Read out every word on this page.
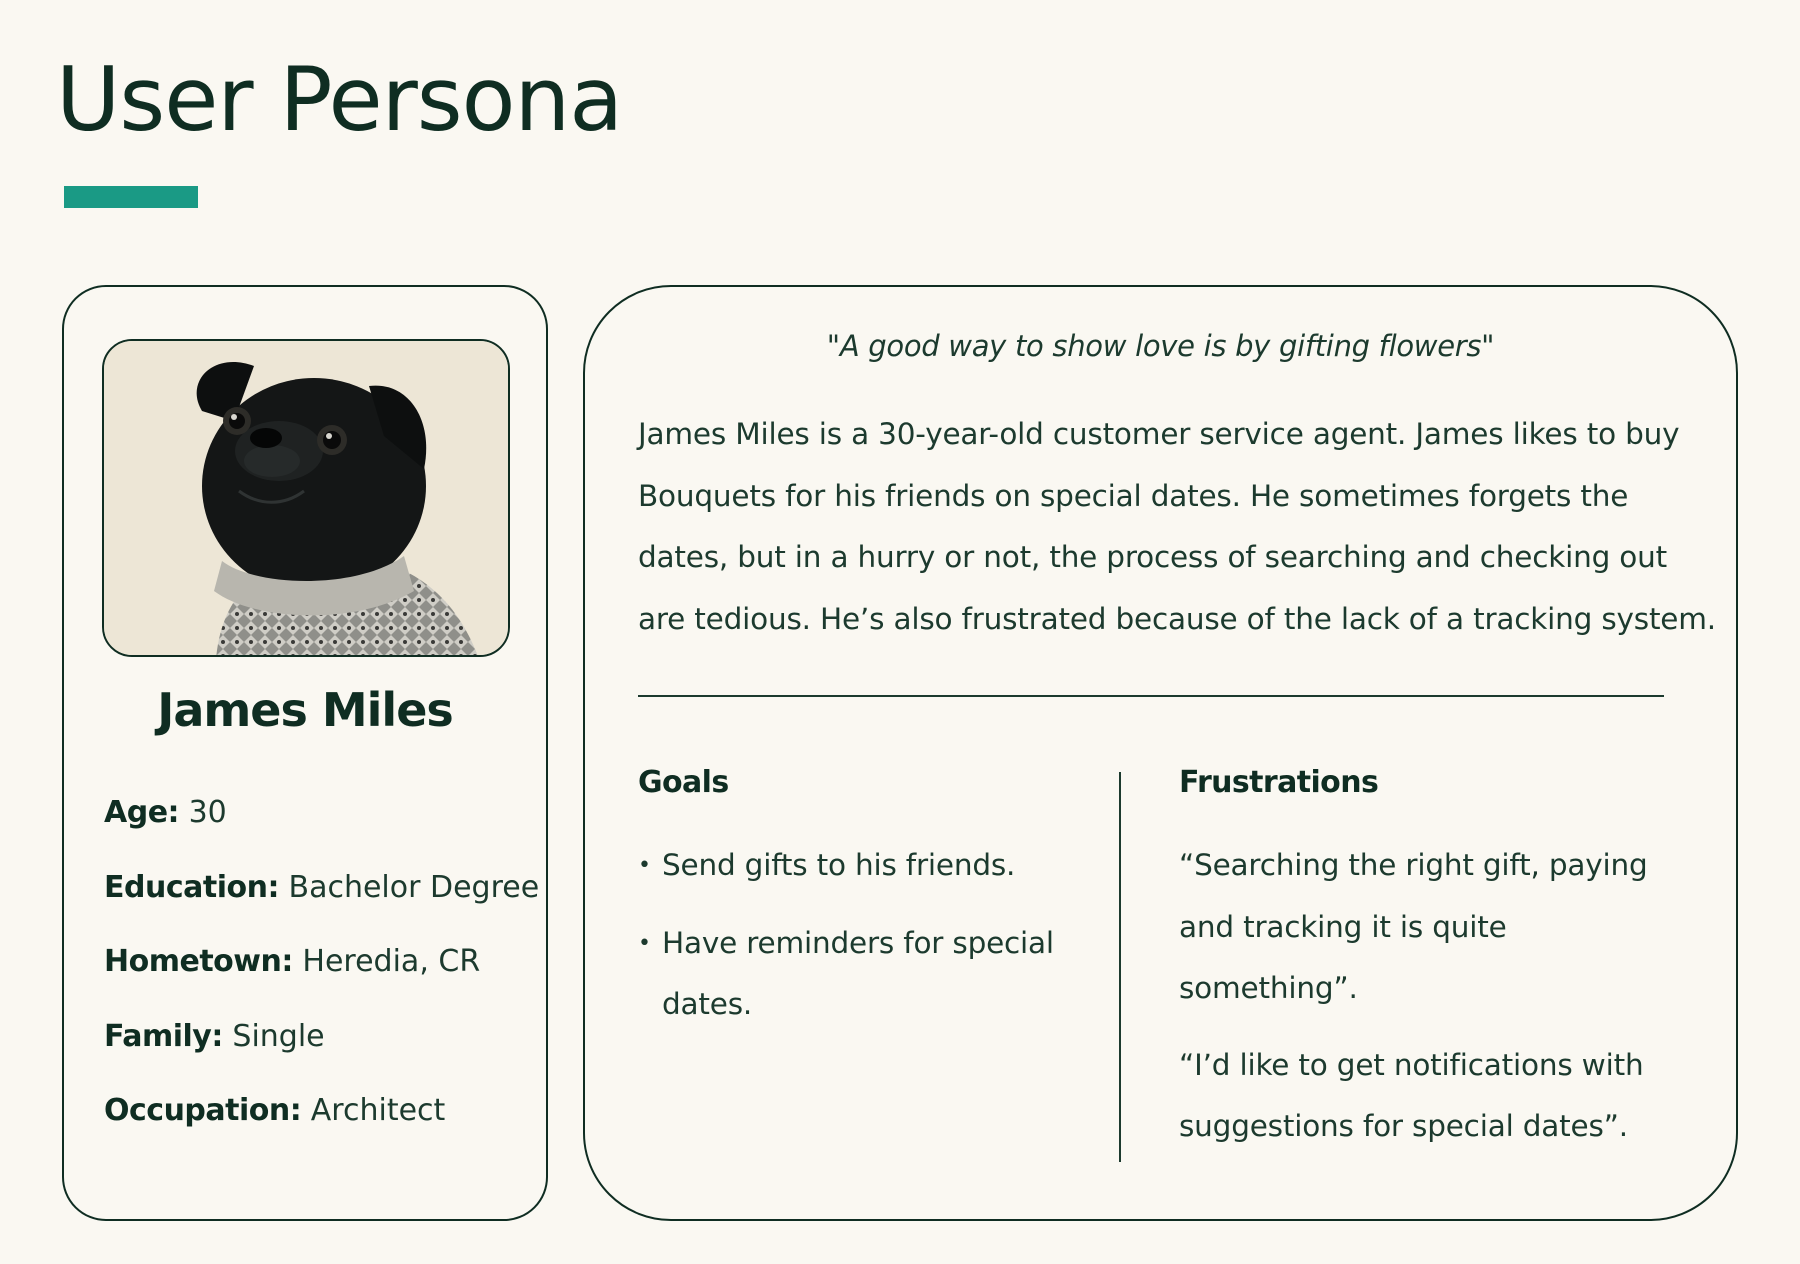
User Persona
James Miles
Age: 30
Education: Bachelor Degree
Hometown: Heredia, CR
Family: Single
Occupation: Architect

"A good way to show love is by gifting flowers"

James Miles is a 30-year-old customer service agent. James likes to buy Bouquets for his friends on special dates. He sometimes forgets the dates, but in a hurry or not, the process of searching and checking out are tedious. He’s also frustrated because of the lack of a tracking system.

Goals
• Send gifts to his friends.
• Have reminders for special dates.
Frustrations
“Searching the right gift, paying and tracking it is quite something”.
“I’d like to get notifications with suggestions for special dates”.
